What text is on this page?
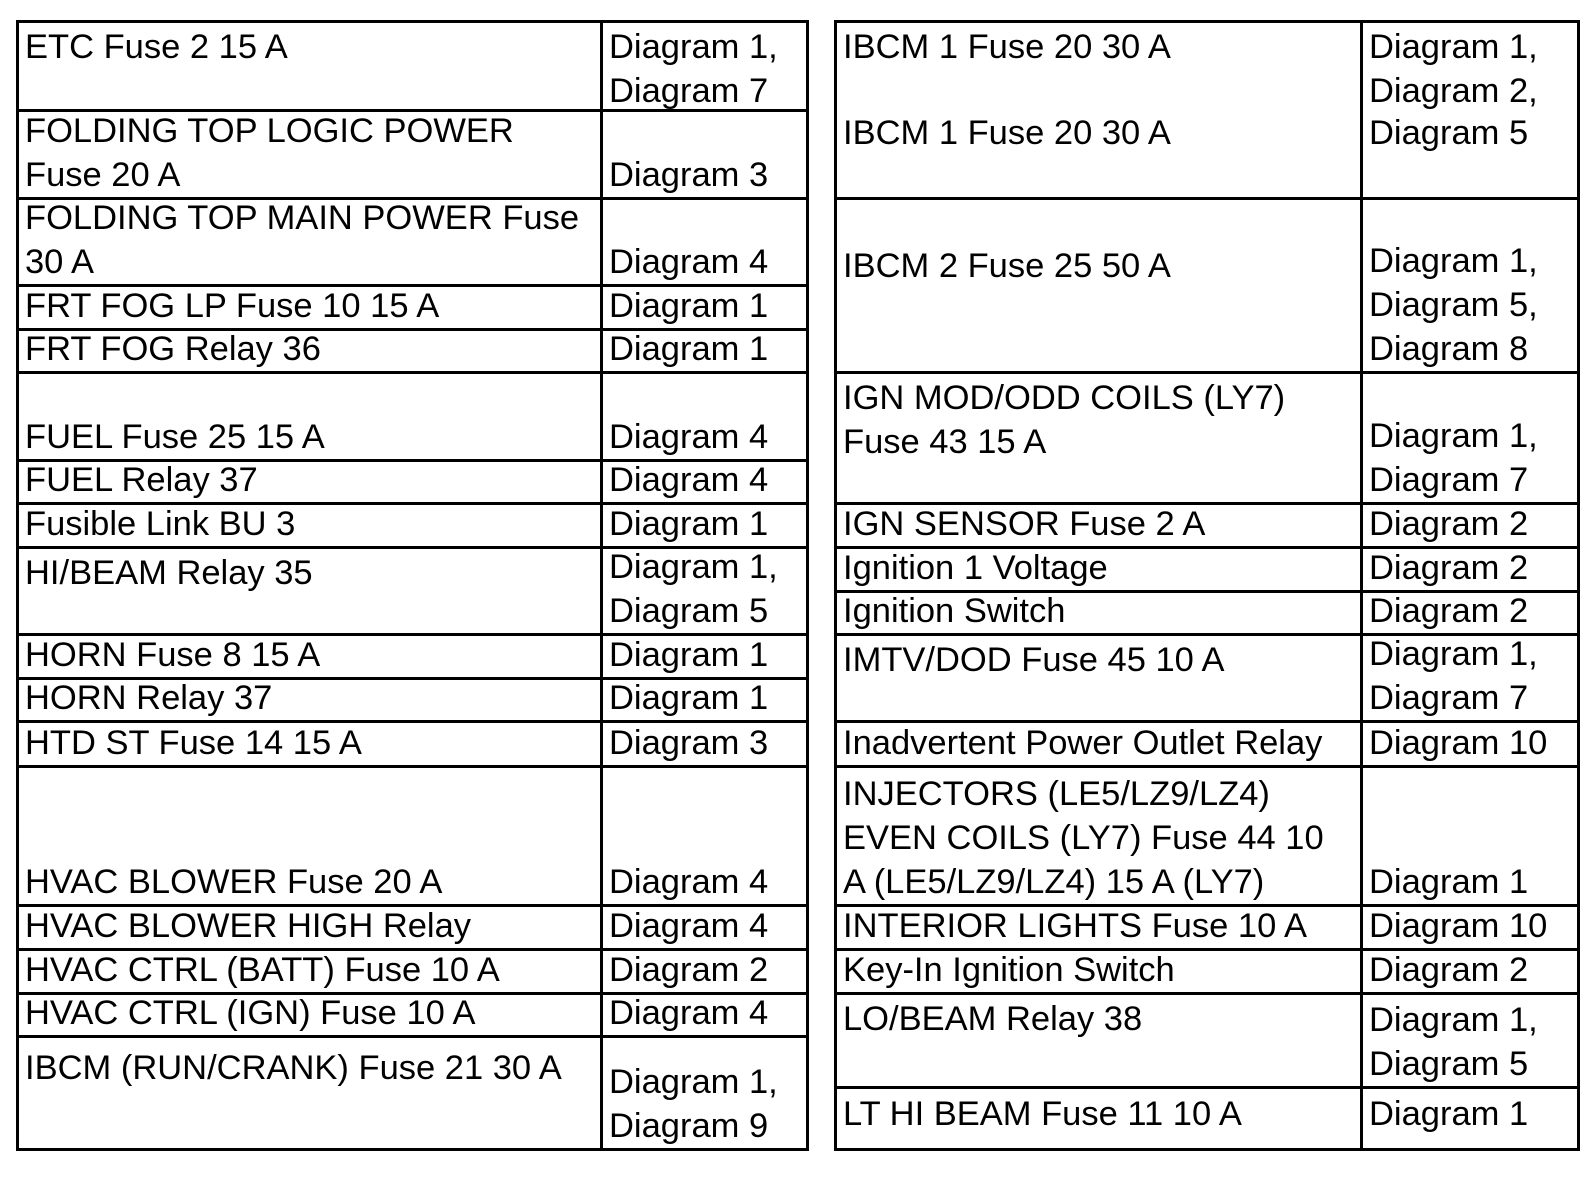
ETC Fuse 2 15 A	Diagram 1,
Diagram 7
FOLDING TOP LOGIC POWER
Fuse 20 A	Diagram 3
FOLDING TOP MAIN POWER Fuse
30 A	Diagram 4
FRT FOG LP Fuse 10 15 A	Diagram 1
FRT FOG Relay 36	Diagram 1
FUEL Fuse 25 15 A	Diagram 4
FUEL Relay 37	Diagram 4
Fusible Link BU 3	Diagram 1
HI/BEAM Relay 35	Diagram 1,
Diagram 5
HORN Fuse 8 15 A	Diagram 1
HORN Relay 37	Diagram 1
HTD ST Fuse 14 15 A	Diagram 3
HVAC BLOWER Fuse 20 A	Diagram 4
HVAC BLOWER HIGH Relay	Diagram 4
HVAC CTRL (BATT) Fuse 10 A	Diagram 2
HVAC CTRL (IGN) Fuse 10 A	Diagram 4
IBCM (RUN/CRANK) Fuse 21 30 A Diagram 1,
Diagram 9
IBCM 1 Fuse 20 30 A	Diagram 1,
Diagram 2,
IBCM 1 Fuse 20 30 A	Diagram 5
IBCM 2 Fuse 25 50 A	Diagram 1,
Diagram 5,
Diagram 8
IGN MOD/ODD COILS (LY7)
Fuse 43 15 A	Diagram 1,
Diagram 7
IGN SENSOR Fuse 2 A	Diagram 2
Ignition 1 Voltage	Diagram 2
Ignition Switch	Diagram 2
IMTV/DOD Fuse 45 10 A	Diagram 1,
Diagram 7
Inadvertent Power Outlet Relay Diagram 10
INJECTORS (LE5/LZ9/LZ4)
EVEN COILS (LY7) Fuse 44 10
A (LE5/LZ9/LZ4) 15 A (LY7)	Diagram 1
INTERIOR LIGHTS Fuse 10 A Diagram 10
Key-In Ignition Switch	Diagram 2
LO/BEAM Relay 38	Diagram 1,
Diagram 5
LT HI BEAM Fuse 11 10 A	Diagram 1
